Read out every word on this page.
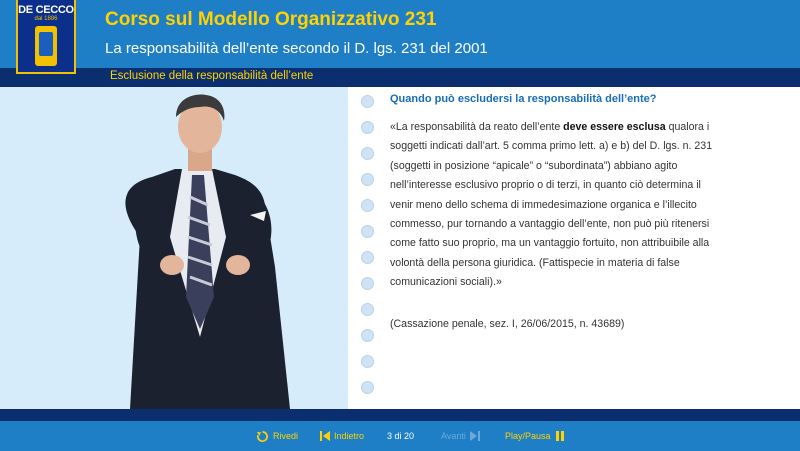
Corso sul Modello Organizzativo 231
La responsabilità dell’ente secondo il D. lgs. 231 del 2001
DE CECCO
dal 1886
Esclusione della responsabilità dell’ente
Quando può escludersi la responsabilità dell’ente?
«La responsabilità da reato dell’ente deve essere esclusa qualora i soggetti indicati dall’art. 5 comma primo lett. a) e b) del D. lgs. n. 231 (soggetti in posizione “apicale” o “subordinata”) abbiano agito nell’interesse esclusivo proprio o di terzi, in quanto ciò determina il venir meno dello schema di immedesimazione organica e l’illecito commesso, pur tornando a vantaggio dell’ente, non può più ritenersi come fatto suo proprio, ma un vantaggio fortuito, non attribuibile alla volontà della persona giuridica. (Fattispecie in materia di false comunicazioni sociali).»
(Cassazione penale, sez. I, 26/06/2015, n. 43689)
Rivedi	Indietro	3 di 20	Avanti	Play/Pausa
